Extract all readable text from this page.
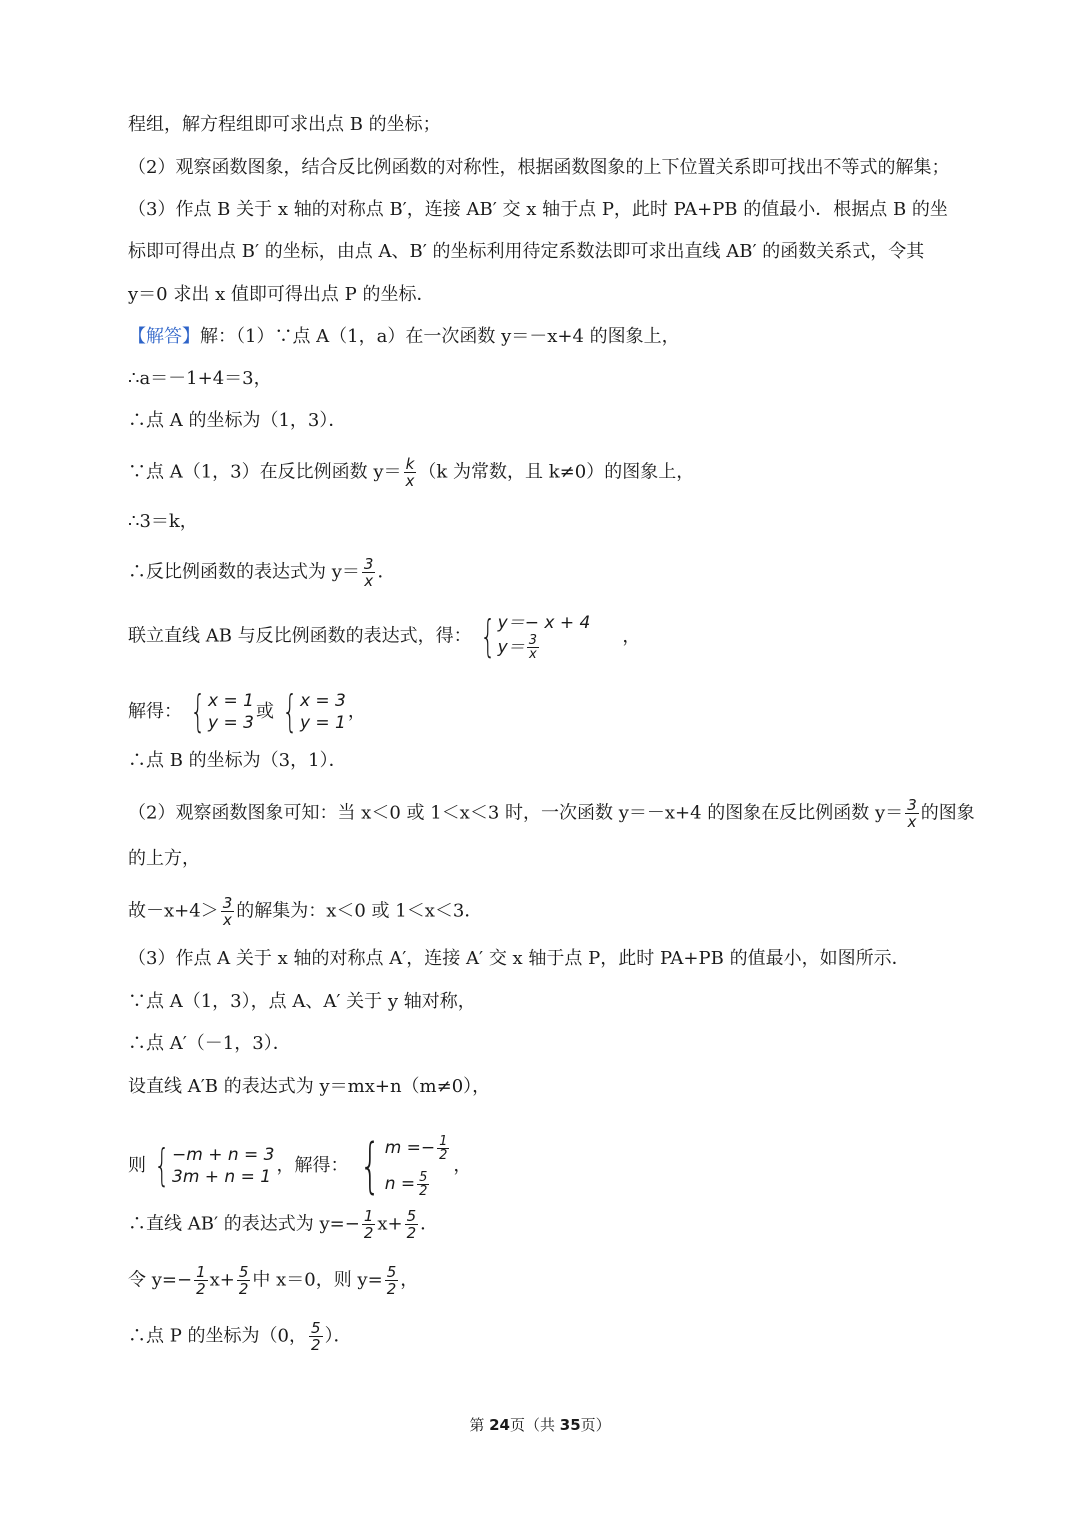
程组，解方程组即可求出点 B 的坐标；
（2）观察函数图象，结合反比例函数的对称性，根据函数图象的上下位置关系即可找出不等式的解集；
（3）作点 B 关于 x 轴的对称点 B′，连接 AB′ 交 x 轴于点 P，此时 PA+PB 的值最小．根据点 B 的坐
标即可得出点 B′ 的坐标，由点 A、B′ 的坐标利用待定系数法即可求出直线 AB′ 的函数关系式，令其
y＝0 求出 x 值即可得出点 P 的坐标．
【解答】解：（1）∵点 A（1，a）在一次函数 y＝－x+4 的图象上，
∴a＝－1+4＝3，
∴点 A 的坐标为（1，3）．
∵点 A（1，3）在反比例函数 $y= \frac{k}{x} (k$ 为常数，且 k≠0）的图象上，
∴3＝k，
∴反比例函数的表达式为 $y= \frac{3}{x}$ ．
联立直线 AB 与反比例函数的表达式，得： { y＝− x + 4
$y= \frac{3}{x}$	，
解得： { x = 1
y = 3
或 { x = 3
y = 1
，
∴点 B 的坐标为（3，1）．
（2）观察函数图象可知：当 x＜0 或 1＜x＜3 时，一次函数 y＝－x+4 的图象在反比例函数 $y= \frac{3}{x}$ 的图象
的上方，
故$-x+4> \frac{3}{x}$ 的解集为：x＜0 或 1＜x＜3．
（3）作点 A 关于 x 轴的对称点 A′，连接 A′ 交 x 轴于点 P，此时 PA+PB 的值最小，如图所示．
∵点 A（1，3），点 A、A′ 关于 y 轴对称，
∴点 A′（－1，3）．
设直线 A′B 的表达式为 y＝mx+n（m≠0），
则 { −m + n = 3
3m + n = 1
，解得： { $m =- \frac{1}{2}$
$n = \frac{5}{2}$
，
∴直线 AB′ 的表达式为 $y=- \frac{1}{2} x+ \frac{5}{2}$ ．
令 $y=- \frac{1}{2} x+ \frac{5}{2}$ 中 x＝0，则 $y= \frac{5}{2}$ ，
∴点 P 的坐标为（0， $\frac{5}{2}$ ）．
第 24页（共 35页）
